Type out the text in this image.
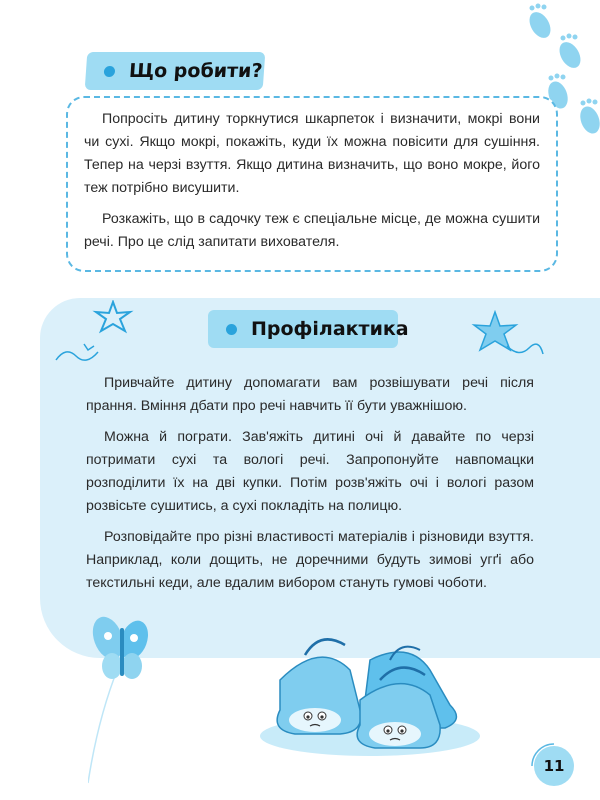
Що робити?

Попросіть дитину торкнутися шкарпеток і визначити, мокрі вони чи сухі. Якщо мокрі, покажіть, куди їх можна повісити для сушіння. Тепер на черзі взуття. Якщо дитина визначить, що воно мокре, його теж потрібно висушити.

Розкажіть, що в садочку теж є спеціальне місце, де можна сушити речі. Про це слід запитати вихователя.

Профілактика

Привчайте дитину допомагати вам розвішувати речі після прання. Вміння дбати про речі навчить її бути уважнішою.

Можна й пограти. Зав'яжіть дитині очі й давайте по черзі потримати сухі та вологі речі. Запропонуйте навпомацки розподілити їх на дві купки. Потім розв'яжіть очі і вологі разом розвісьте сушитись, а сухі покладіть на полицю.

Розповідайте про різні властивості матеріалів і різновиди взуття. Наприклад, коли дощить, не доречними будуть зимові угґі або текстильні кеди, але вдалим вибором стануть гумові чоботи.

11
